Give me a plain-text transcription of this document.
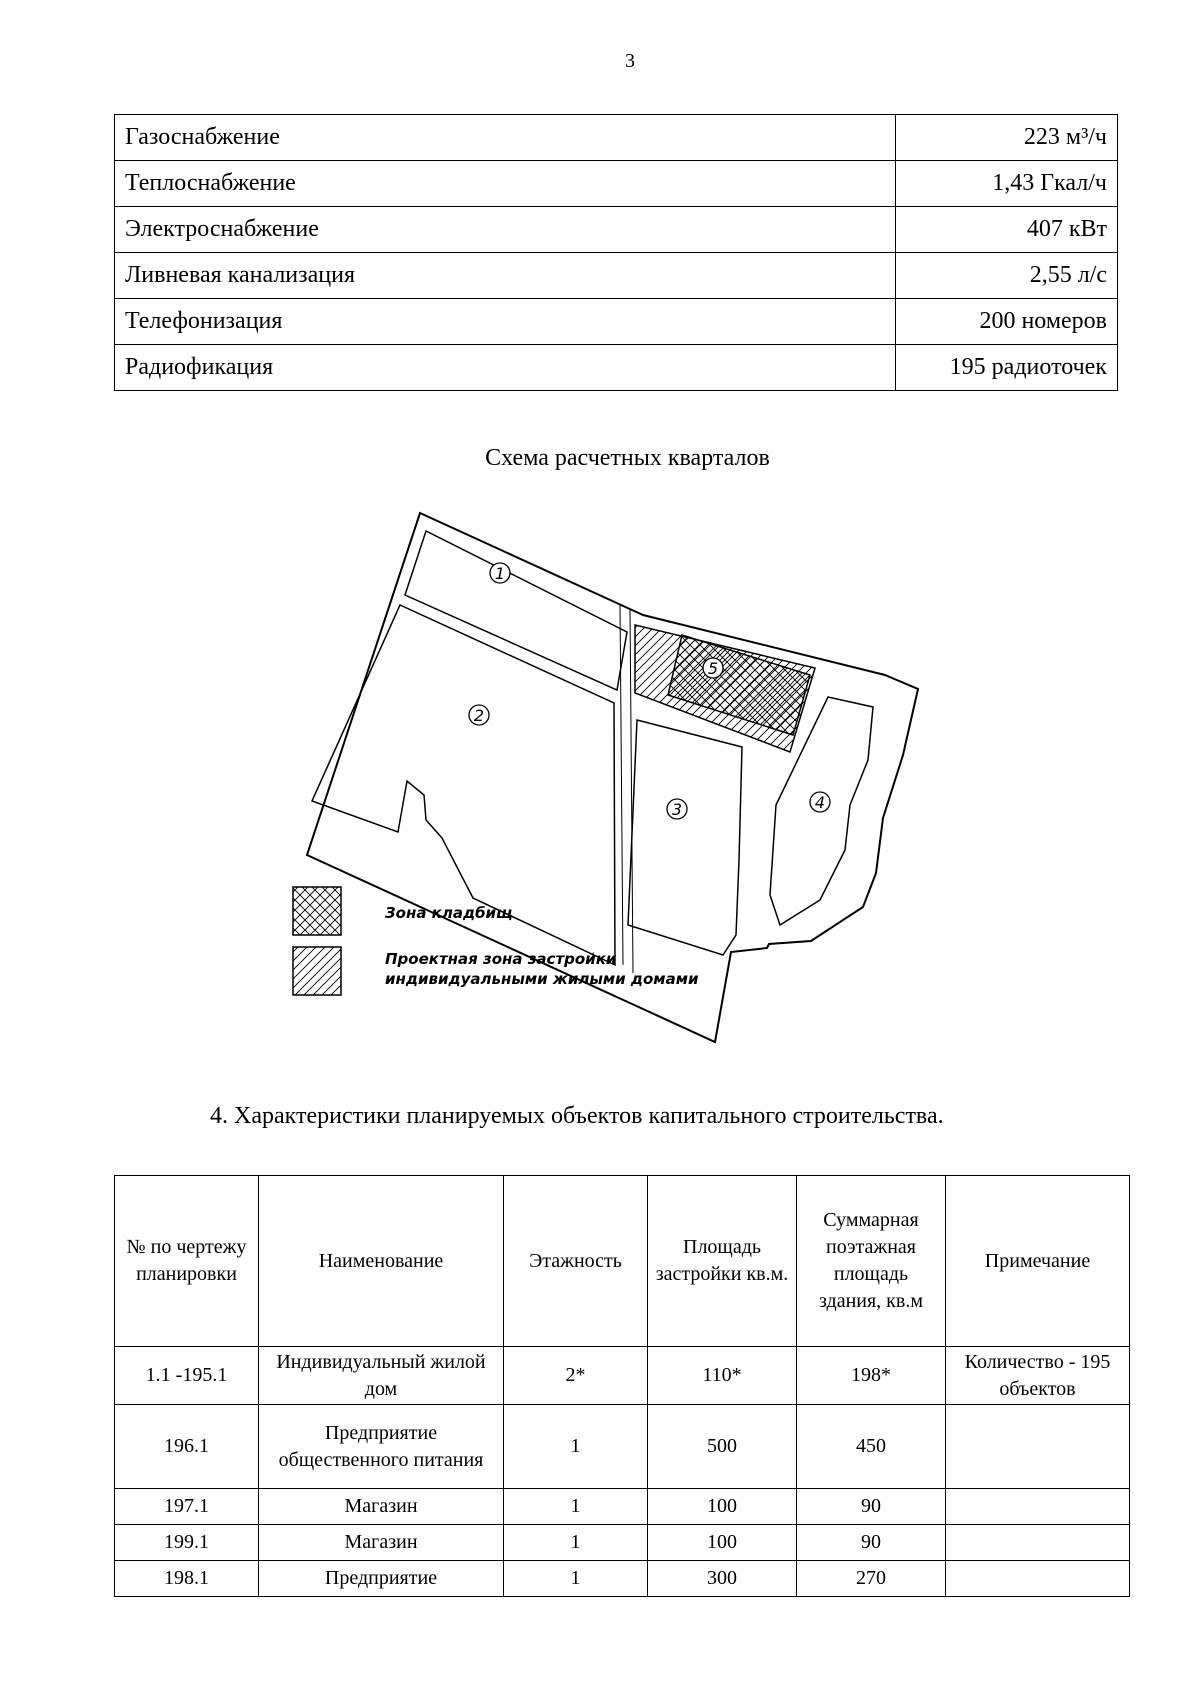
3
Газоснабжение	223 м³/ч
Теплоснабжение	1,43 Гкал/ч
Электроснабжение	407 кВт
Ливневая канализация	2,55 л/с
Телефонизация	200 номеров
Радиофикация	195 радиоточек
Схема расчетных кварталов
1
2
3	4
5
Зона кладбищ
Проектная зона застройки
индивидуальными жилыми домами
4. Характеристики планируемых объектов капитального строительства.
№ по чертежу планировки	Наименование	Этажность	Площадь застройки кв.м.	Суммарная поэтажная площадь здания, кв.м	Примечание
1.1 -195.1	Индивидуальный жилой дом	2*	110*	198*	Количество - 195 объектов
196.1	Предприятие общественного питания	1	500	450	
197.1	Магазин	1	100	90	
199.1	Магазин	1	100	90	
198.1	Предприятие	1	300	270	
